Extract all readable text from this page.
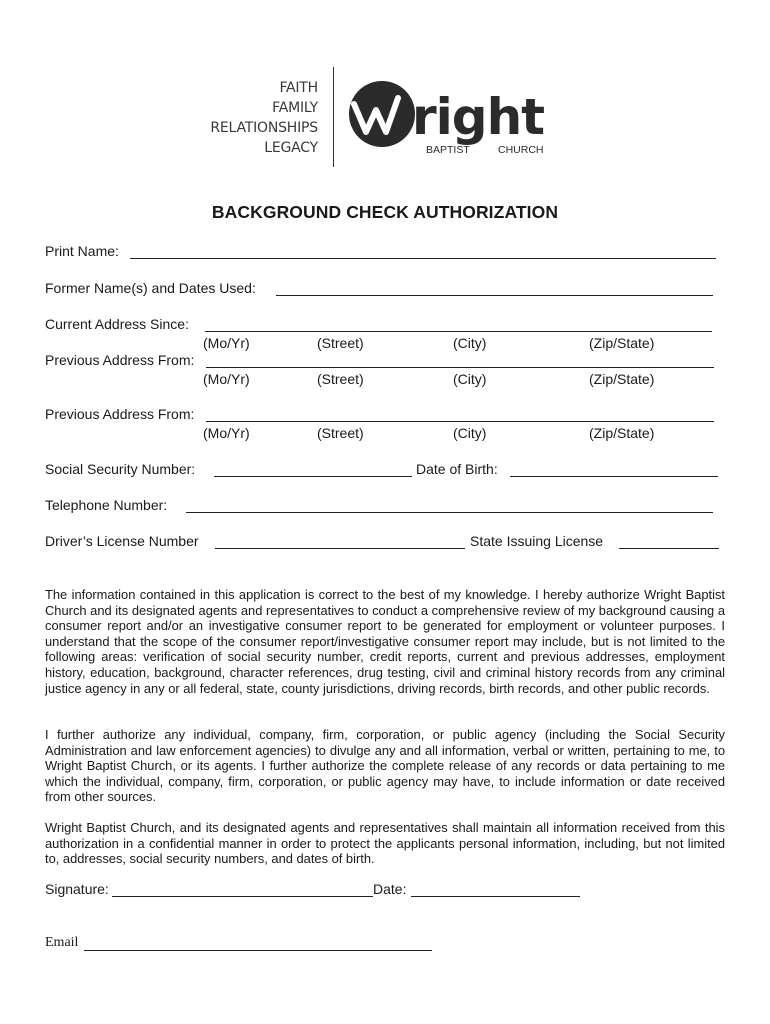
FAITH
FAMILY
RELATIONSHIPS
LEGACY
right
BAPTIST	CHURCH
BACKGROUND CHECK AUTHORIZATION
Print Name:
Former Name(s) and Dates Used:
Current Address Since:
(Mo/Yr)	(Street)	(City)	(Zip/State)
Previous Address From:
(Mo/Yr)	(Street)	(City)	(Zip/State)
Previous Address From:
(Mo/Yr)	(Street)	(City)	(Zip/State)
Social Security Number:	Date of Birth:
Telephone Number:
Driver’s License Number	State Issuing License
The information contained in this application is correct to the best of my knowledge. I hereby authorize Wright Baptist Church and its designated agents and representatives to conduct a comprehensive review of my background causing a consumer report and/or an investigative consumer report to be generated for employment or volunteer purposes. I understand that the scope of the consumer report/investigative consumer report may include, but is not limited to the following areas: verification of social security number, credit reports, current and previous addresses, employment history, education, background, character references, drug testing, civil and criminal history records from any criminal justice agency in any or all federal, state, county jurisdictions, driving records, birth records, and other public records.
I further authorize any individual, company, firm, corporation, or public agency (including the Social Security Administration and law enforcement agencies) to divulge any and all information, verbal or written, pertaining to me, to Wright Baptist Church, or its agents. I further authorize the complete release of any records or data pertaining to me which the individual, company, firm, corporation, or public agency may have, to include information or date received from other sources.
Wright Baptist Church, and its designated agents and representatives shall maintain all information received from this authorization in a confidential manner in order to protect the applicants personal information, including, but not limited to, addresses, social security numbers, and dates of birth.
Signature:	Date:
Email
